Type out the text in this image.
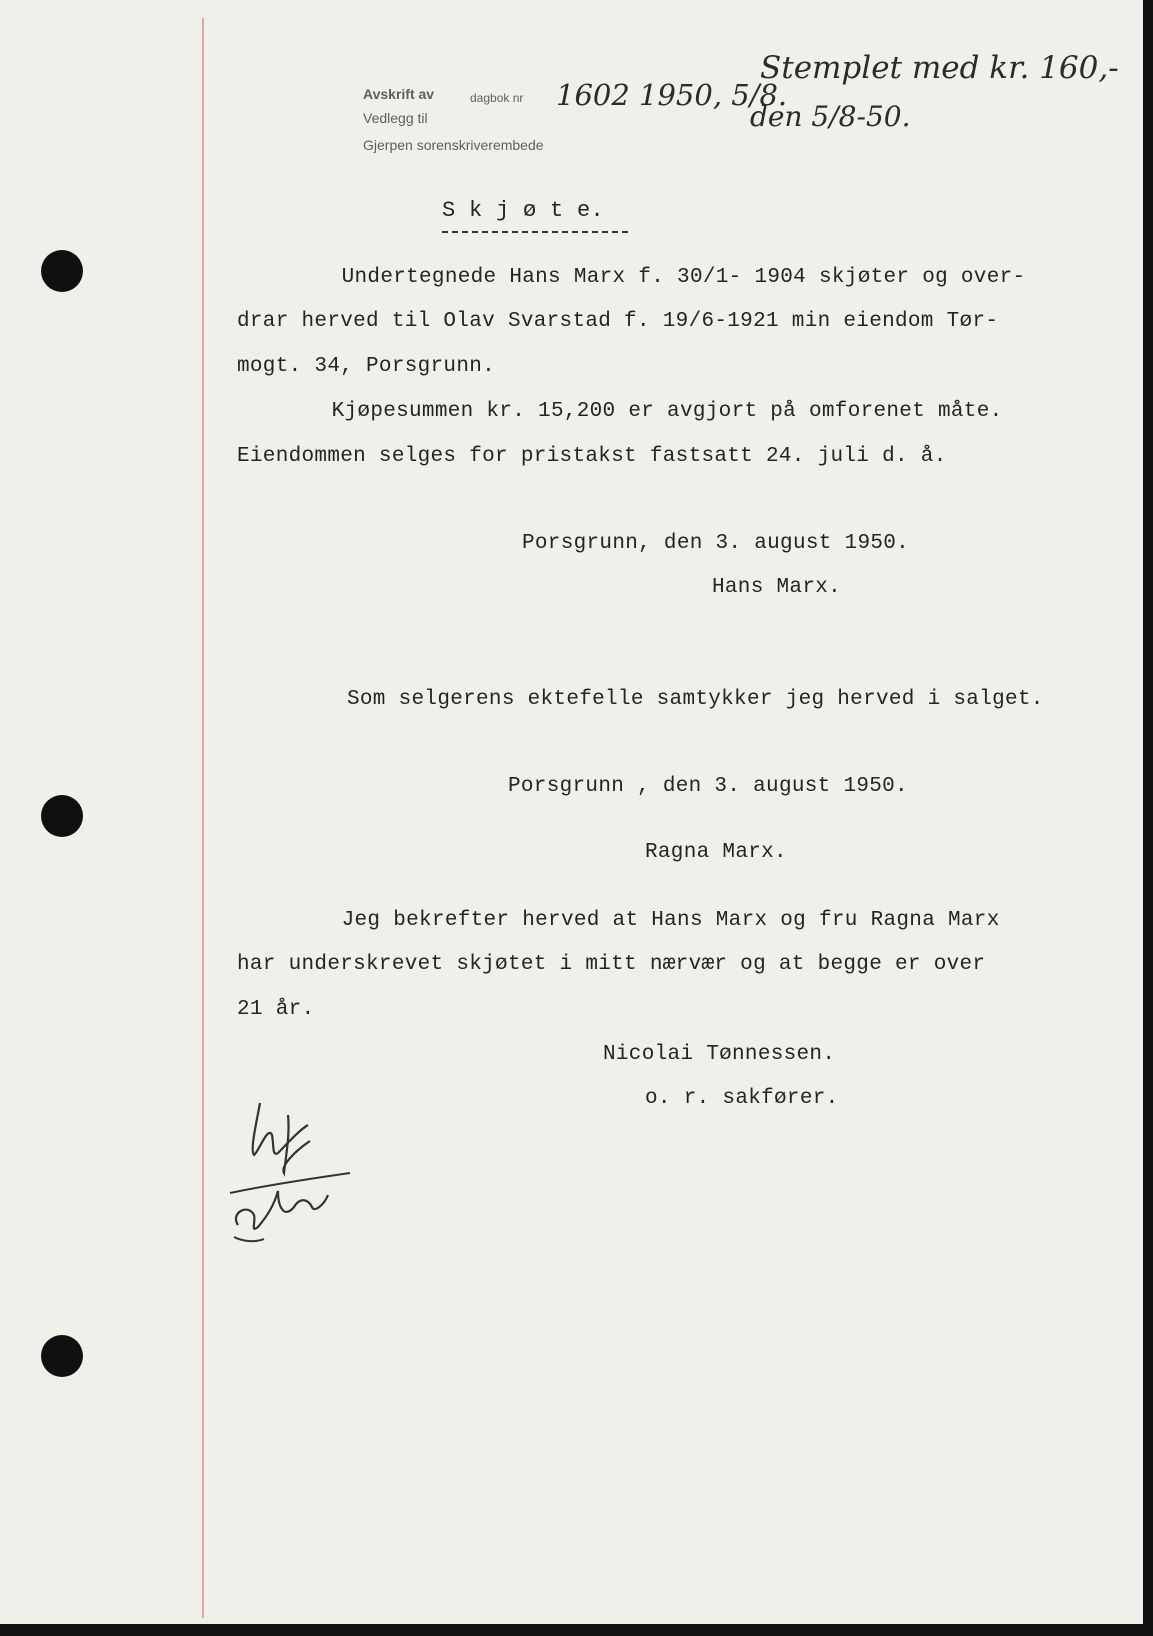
Avskrift av	dagbok nr
Vedlegg til
Gjerpen sorenskriverembede
1602 1950, 5/8.
Stemplet med kr. 160,-
den 5/8-50.
S k j ø t e.
Undertegnede Hans Marx f. 30/1- 1904 skjøter og over-
drar herved til Olav Svarstad f. 19/6-1921 min eiendom Tør-
mogt. 34, Porsgrunn.
Kjøpesummen kr. 15,200 er avgjort på omforenet måte.
Eiendommen selges for pristakst fastsatt 24. juli d. å.
Porsgrunn, den 3. august 1950.
Hans Marx.
Som selgerens ektefelle samtykker jeg herved i salget.
Porsgrunn , den 3. august 1950.
Ragna Marx.
Jeg bekrefter herved at Hans Marx og fru Ragna Marx
har underskrevet skjøtet i mitt nærvær og at begge er over
21 år.
Nicolai Tønnessen.
o. r. sakfører.
